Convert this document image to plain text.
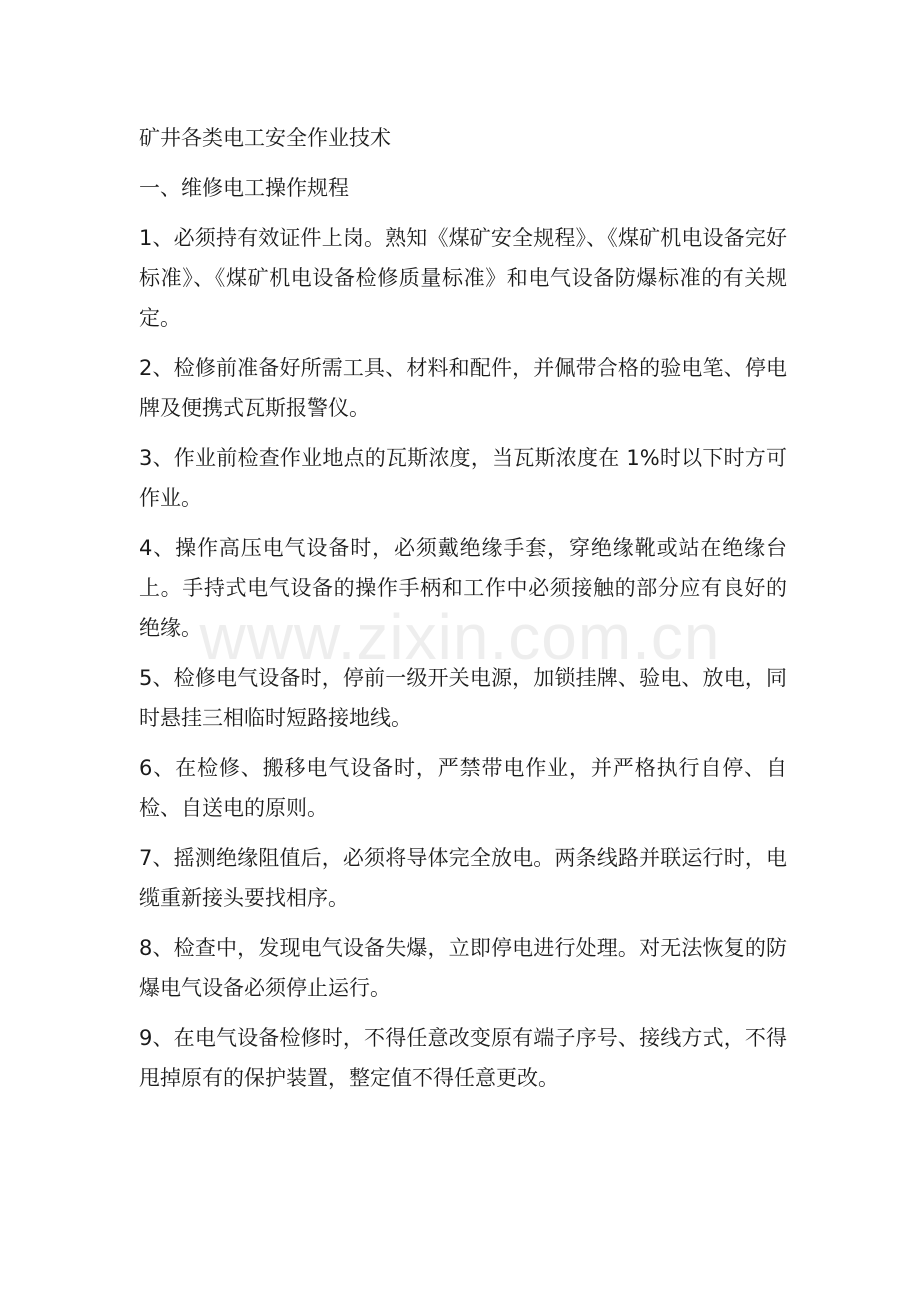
www.zixin.com.cn

矿井各类电工安全作业技术

一、维修电工操作规程

1、必须持有效证件上岗。熟知《煤矿安全规程》、《煤矿机电设备完好标准》、《煤矿机电设备检修质量标准》和电气设备防爆标准的有关规定。

2、检修前准备好所需工具、材料和配件，并佩带合格的验电笔、停电牌及便携式瓦斯报警仪。

3、作业前检查作业地点的瓦斯浓度，当瓦斯浓度在 1%时以下时方可作业。

4、操作高压电气设备时，必须戴绝缘手套，穿绝缘靴或站在绝缘台上。手持式电气设备的操作手柄和工作中必须接触的部分应有良好的绝缘。

5、检修电气设备时，停前一级开关电源，加锁挂牌、验电、放电，同时悬挂三相临时短路接地线。

6、在检修、搬移电气设备时，严禁带电作业，并严格执行自停、自检、自送电的原则。

7、摇测绝缘阻值后，必须将导体完全放电。两条线路并联运行时，电缆重新接头要找相序。

8、检查中，发现电气设备失爆，立即停电进行处理。对无法恢复的防爆电气设备必须停止运行。

9、在电气设备检修时，不得任意改变原有端子序号、接线方式，不得甩掉原有的保护装置，整定值不得任意更改。
